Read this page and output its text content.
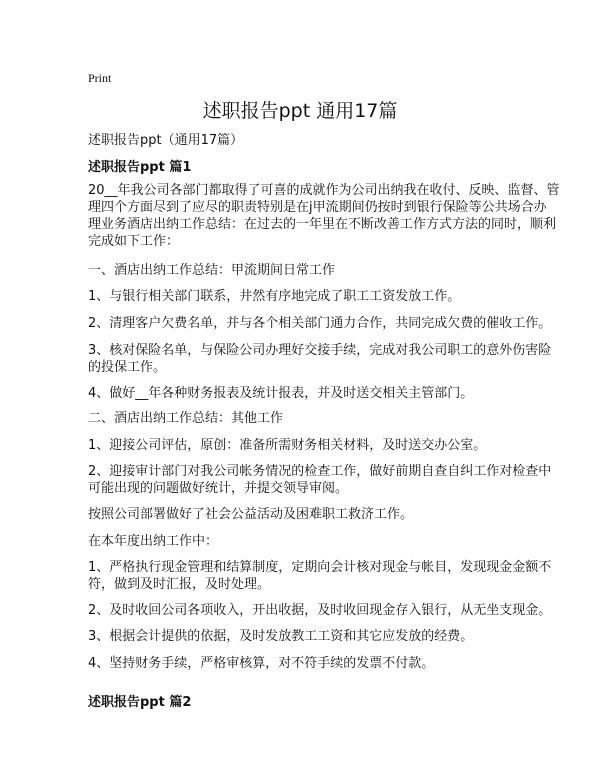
Print
述职报告ppt 通用17篇
述职报告ppt（通用17篇）
述职报告ppt 篇1
20__年我公司各部门都取得了可喜的成就作为公司出纳我在收付、反映、监督、管
理四个方面尽到了应尽的职责特别是在j甲流期间仍按时到银行保险等公共场合办
理业务酒店出纳工作总结：在过去的一年里在不断改善工作方式方法的同时，顺利
完成如下工作：
一、酒店出纳工作总结：甲流期间日常工作
1、与银行相关部门联系，井然有序地完成了职工工资发放工作。
2、清理客户欠费名单，并与各个相关部门通力合作，共同完成欠费的催收工作。
3、核对保险名单，与保险公司办理好交接手续，完成对我公司职工的意外伤害险
的投保工作。
4、做好__年各种财务报表及统计报表，并及时送交相关主管部门。
二、酒店出纳工作总结：其他工作
1、迎接公司评估，原创：准备所需财务相关材料，及时送交办公室。
2、迎接审计部门对我公司帐务情况的检查工作，做好前期自查自纠工作对检查中
可能出现的问题做好统计，并提交领导审阅。
按照公司部署做好了社会公益活动及困难职工救济工作。
在本年度出纳工作中：
1、严格执行现金管理和结算制度，定期向会计核对现金与帐目，发现现金金额不
符，做到及时汇报，及时处理。
2、及时收回公司各项收入，开出收据，及时收回现金存入银行，从无坐支现金。
3、根据会计提供的依据，及时发放教工工资和其它应发放的经费。
4、坚持财务手续，严格审核算，对不符手续的发票不付款。
述职报告ppt 篇2
